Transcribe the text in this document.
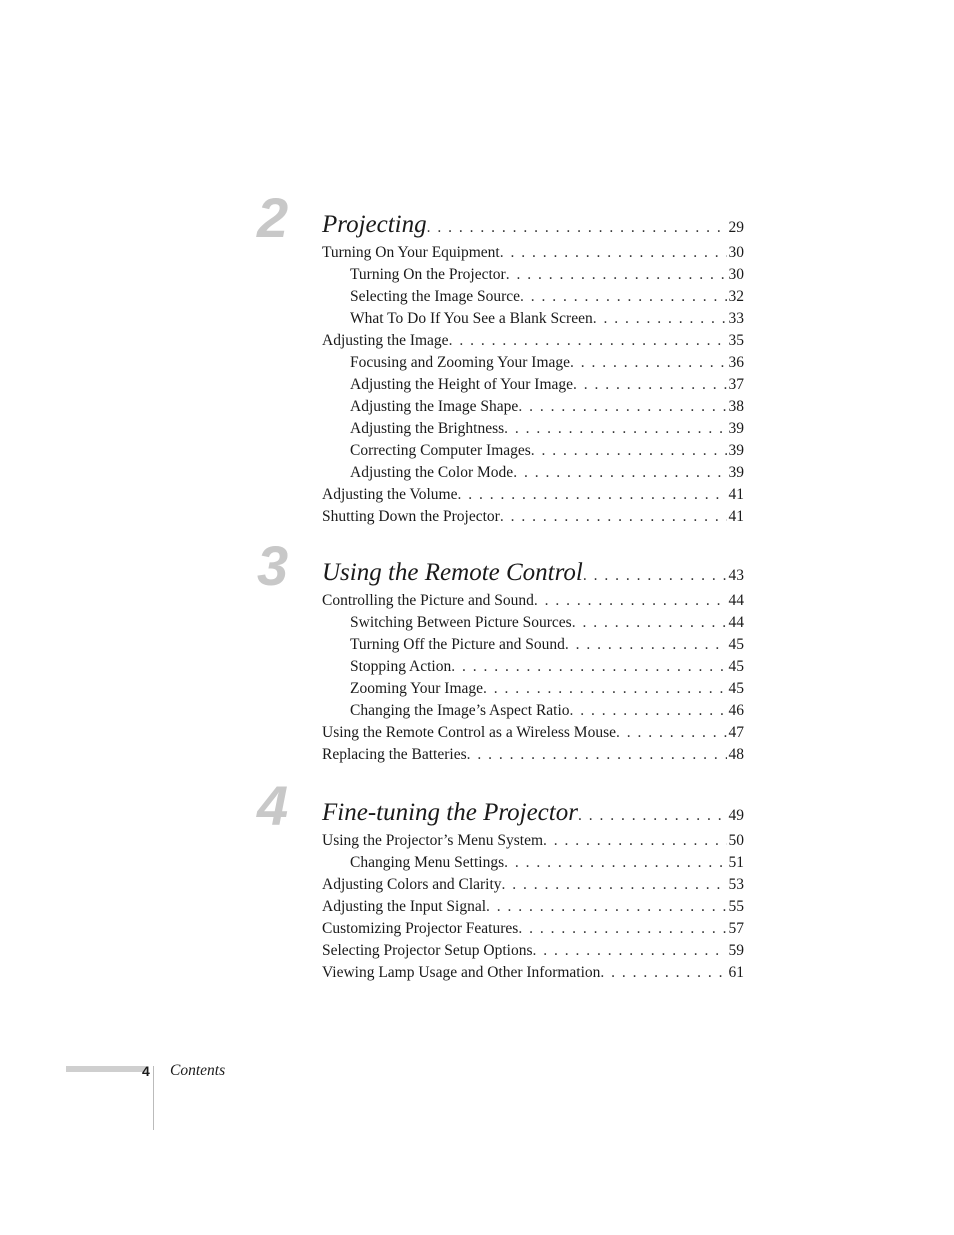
2 Projecting . . .	29
Turning On Your Equipment . . .	30
Turning On the Projector . . .	30
Selecting the Image Source . . .	32
What To Do If You See a Blank Screen . . .	33
Adjusting the Image . . .	35
Focusing and Zooming Your Image . . .	36
Adjusting the Height of Your Image . . .	37
Adjusting the Image Shape . . .	38
Adjusting the Brightness . . .	39
Correcting Computer Images . . .	39
Adjusting the Color Mode . . .	39
Adjusting the Volume . . .	41
Shutting Down the Projector . . .	41
3 Using the Remote Control . . .	43
Controlling the Picture and Sound . . .	44
Switching Between Picture Sources . . .	44
Turning Off the Picture and Sound . . .	45
Stopping Action . . .	45
Zooming Your Image . . .	45
Changing the Image’s Aspect Ratio . . .	46
Using the Remote Control as a Wireless Mouse . . .	47
Replacing the Batteries . . .	48
4 Fine-tuning the Projector . . .	49
Using the Projector’s Menu System . . .	50
Changing Menu Settings . . .	51
Adjusting Colors and Clarity . . .	53
Adjusting the Input Signal . . .	55
Customizing Projector Features . . .	57
Selecting Projector Setup Options . . .	59
Viewing Lamp Usage and Other Information . . .	61
4 Contents
